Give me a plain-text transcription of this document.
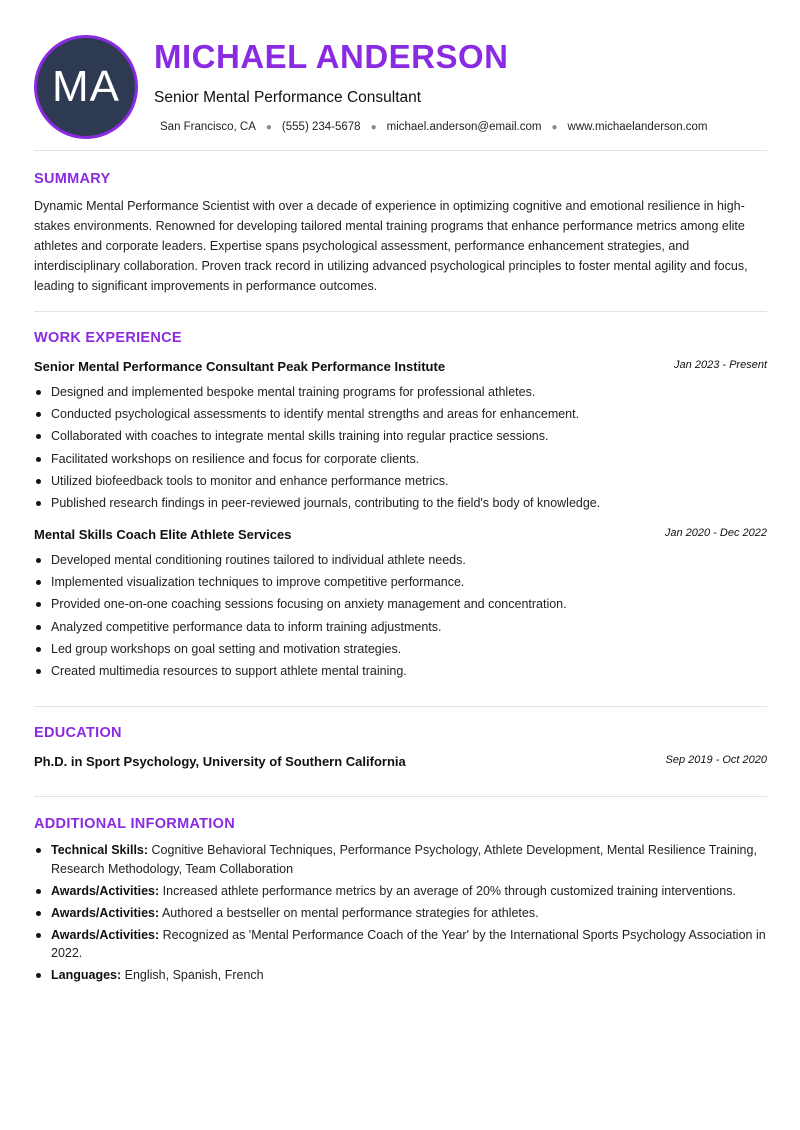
MA
MICHAEL ANDERSON
Senior Mental Performance Consultant
San Francisco, CA ● (555) 234-5678 ● michael.anderson@email.com ● www.michaelanderson.com
SUMMARY

Dynamic Mental Performance Scientist with over a decade of experience in optimizing cognitive and emotional resilience in high-stakes environments. Renowned for developing tailored mental training programs that enhance performance metrics among elite athletes and corporate leaders. Expertise spans psychological assessment, performance enhancement strategies, and interdisciplinary collaboration. Proven track record in utilizing advanced psychological principles to foster mental agility and focus, leading to significant improvements in performance outcomes.

WORK EXPERIENCE
Senior Mental Performance Consultant Peak Performance Institute	Jan 2023 - Present
Designed and implemented bespoke mental training programs for professional athletes.
Conducted psychological assessments to identify mental strengths and areas for enhancement.
Collaborated with coaches to integrate mental skills training into regular practice sessions.
Facilitated workshops on resilience and focus for corporate clients.
Utilized biofeedback tools to monitor and enhance performance metrics.
Published research findings in peer-reviewed journals, contributing to the field's body of knowledge.
Mental Skills Coach Elite Athlete Services	Jan 2020 - Dec 2022
Developed mental conditioning routines tailored to individual athlete needs.
Implemented visualization techniques to improve competitive performance.
Provided one-on-one coaching sessions focusing on anxiety management and concentration.
Analyzed competitive performance data to inform training adjustments.
Led group workshops on goal setting and motivation strategies.
Created multimedia resources to support athlete mental training.
EDUCATION
Ph.D. in Sport Psychology, University of Southern California	Sep 2019 - Oct 2020
ADDITIONAL INFORMATION
Technical Skills: Cognitive Behavioral Techniques, Performance Psychology, Athlete Development, Mental Resilience Training, Research Methodology, Team Collaboration
Awards/Activities: Increased athlete performance metrics by an average of 20% through customized training interventions.
Awards/Activities: Authored a bestseller on mental performance strategies for athletes.
Awards/Activities: Recognized as 'Mental Performance Coach of the Year' by the International Sports Psychology Association in 2022.
Languages: English, Spanish, French
